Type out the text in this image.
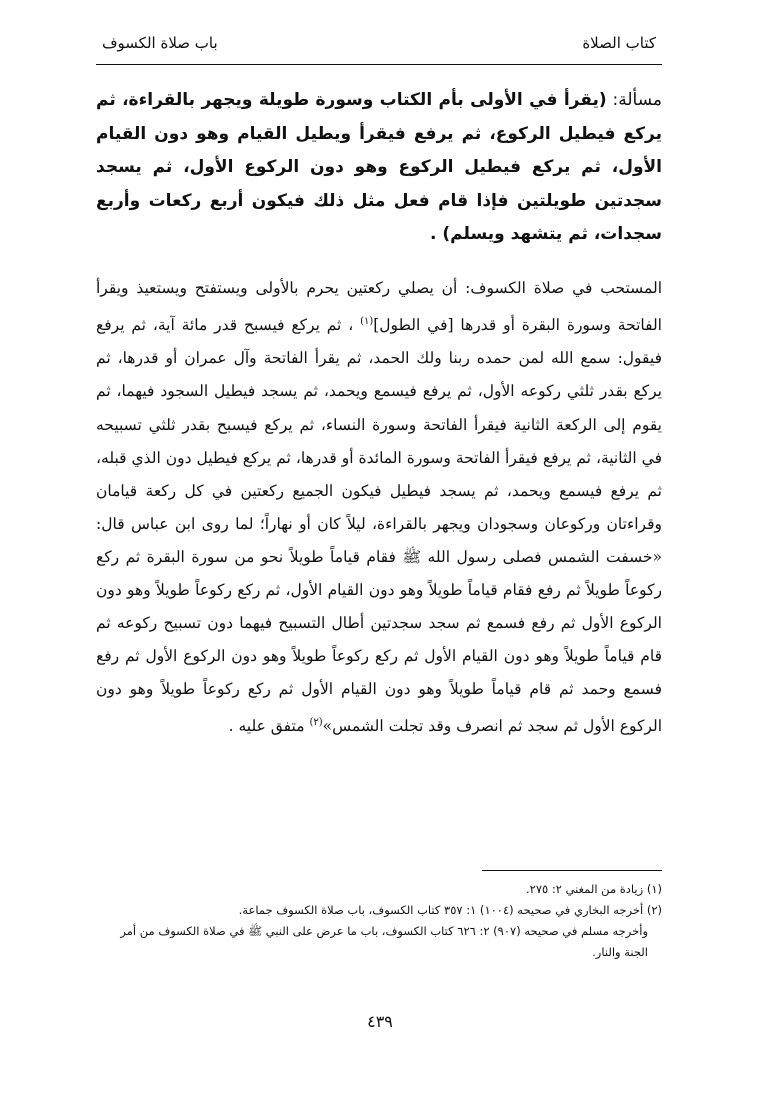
كتاب الصلاة
باب صلاة الكسوف

مسألة: (يقرأ في الأولى بأم الكتاب وسورة طويلة ويجهر بالقراءة، ثم يركع فيطيل الركوع، ثم يرفع فيقرأ ويطيل القيام وهو دون القيام الأول، ثم يركع فيطيل الركوع وهو دون الركوع الأول، ثم يسجد سجدتين طويلتين فإذا قام فعل مثل ذلك فيكون أربع ركعات وأربع سجدات، ثم يتشهد ويسلم) .

المستحب في صلاة الكسوف: أن يصلي ركعتين يحرم بالأولى ويستفتح ويستعيذ ويقرأ الفاتحة وسورة البقرة أو قدرها [في الطول]$^{(١)}$ ، ثم يركع فيسبح قدر مائة آية، ثم يرفع فيقول: سمع الله لمن حمده ربنا ولك الحمد، ثم يقرأ الفاتحة وآل عمران أو قدرها، ثم يركع بقدر ثلثي ركوعه الأول، ثم يرفع فيسمع ويحمد، ثم يسجد فيطيل السجود فيهما، ثم يقوم إلى الركعة الثانية فيقرأ الفاتحة وسورة النساء، ثم يركع فيسبح بقدر ثلثي تسبيحه في الثانية، ثم يرفع فيقرأ الفاتحة وسورة المائدة أو قدرها، ثم يركع فيطيل دون الذي قبله، ثم يرفع فيسمع ويحمد، ثم يسجد فيطيل فيكون الجميع ركعتين في كل ركعة قيامان وقراءتان وركوعان وسجودان ويجهر بالقراءة، ليلاً كان أو نهاراً؛ لما روى ابن عباس قال: «خسفت الشمس فصلى رسول الله ﷺ فقام قياماً طويلاً نحو من سورة البقرة ثم ركع ركوعاً طويلاً ثم رفع فقام قياماً طويلاً وهو دون القيام الأول، ثم ركع ركوعاً طويلاً وهو دون الركوع الأول ثم رفع فسمع ثم سجد سجدتين أطال التسبيح فيهما دون تسبيح ركوعه ثم قام قياماً طويلاً وهو دون القيام الأول ثم ركع ركوعاً طويلاً وهو دون الركوع الأول ثم رفع فسمع وحمد ثم قام قياماً طويلاً وهو دون القيام الأول ثم ركع ركوعاً طويلاً وهو دون الركوع الأول ثم سجد ثم انصرف وقد تجلت الشمس»$^{(٢)}$ متفق عليه .

(١) زيادة من المغني ٢: ٢٧٥.

(٢) أخرجه البخاري في صحيحه (١٠٠٤) ١: ٣٥٧ كتاب الكسوف، باب صلاة الكسوف جماعة.

وأخرجه مسلم في صحيحه (٩٠٧) ٢: ٦٢٦ كتاب الكسوف، باب ما عرض على النبي ﷺ في صلاة الكسوف من أمر الجنة والنار.

٤٣٩
